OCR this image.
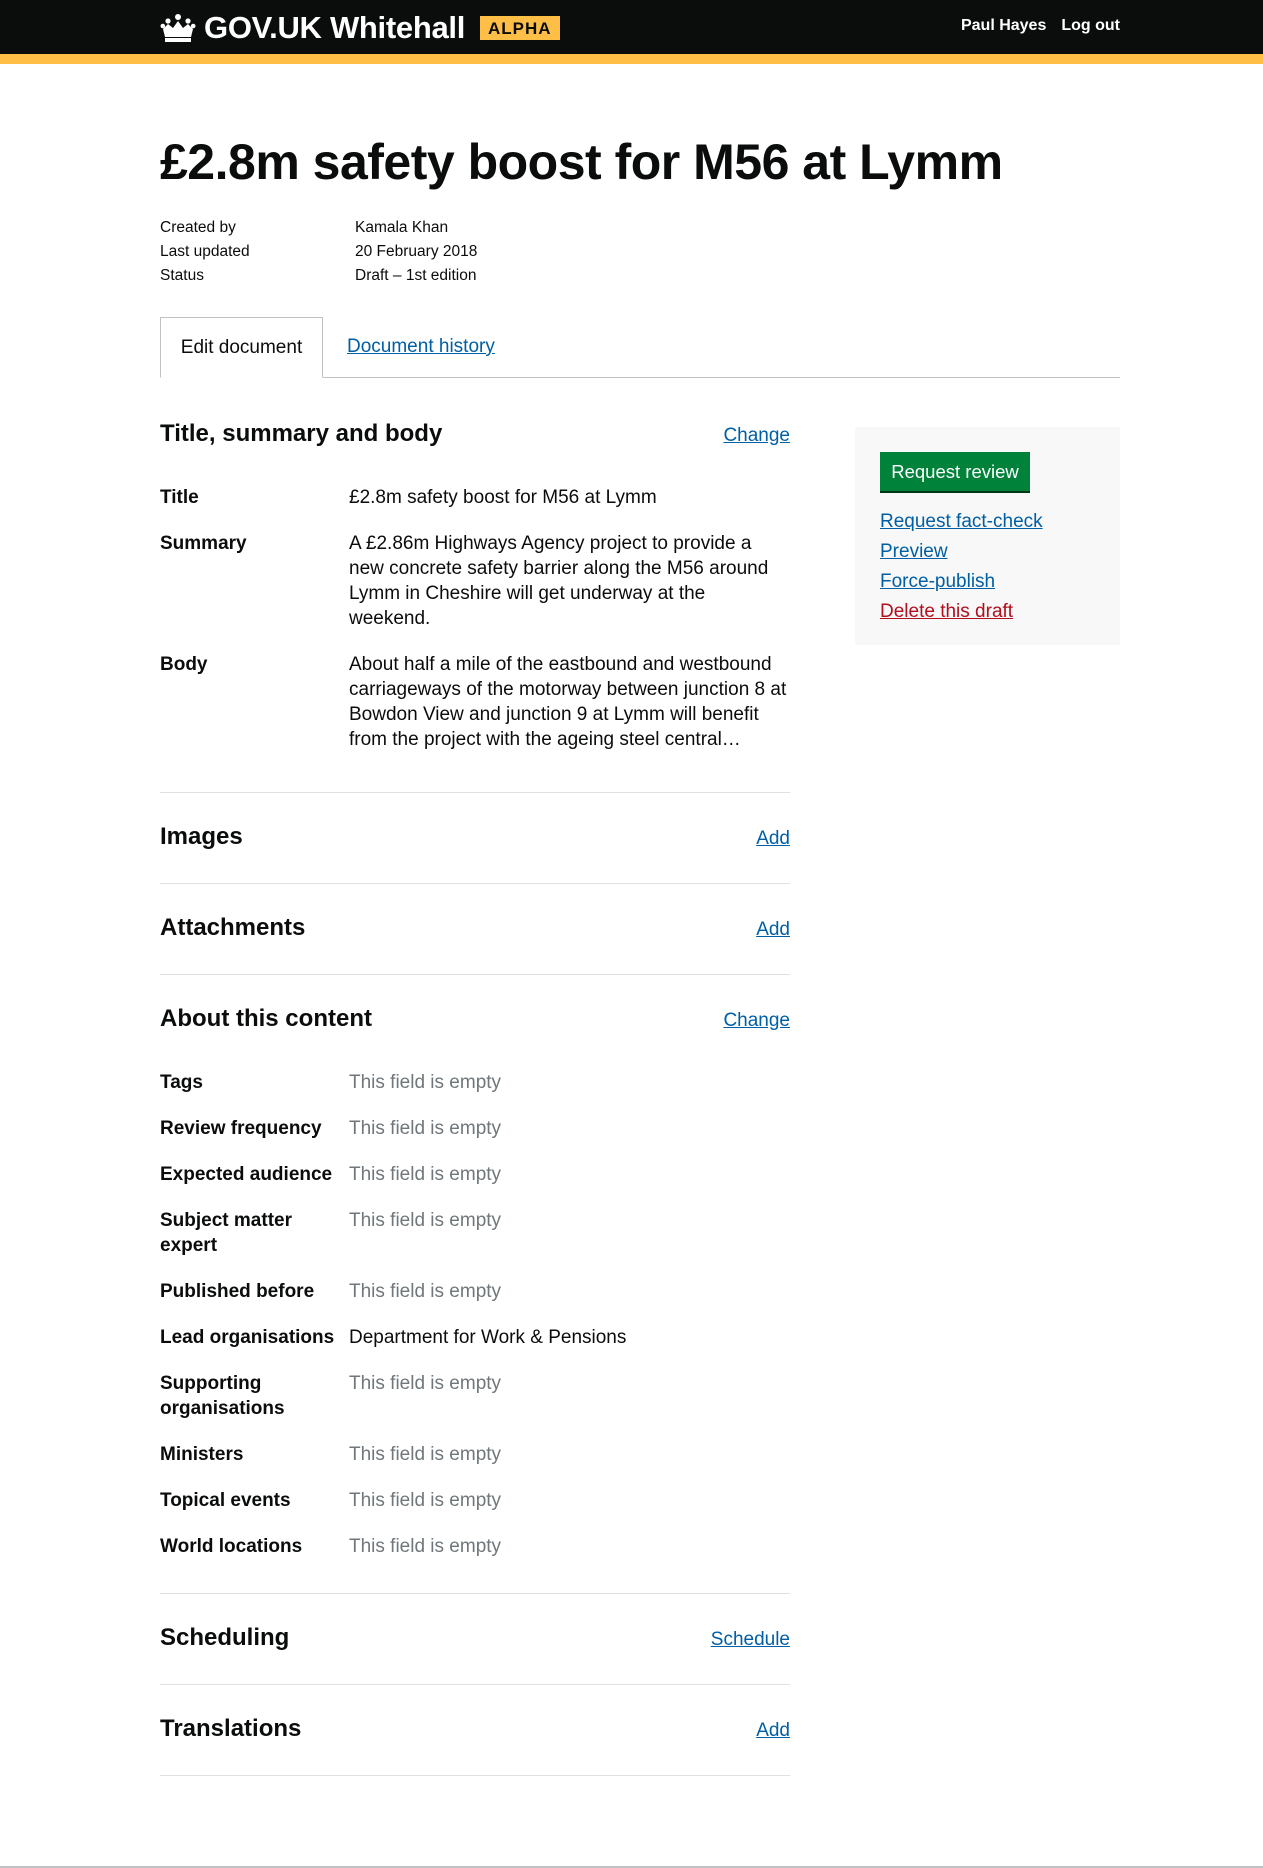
GOV.UK Whitehall	ALPHA	Paul Hayes Log out
£2.8m safety boost for M56 at Lymm
Created by	Kamala Khan
Last updated	20 February 2018
Status	Draft – 1st edition
Edit document	Document history
Title, summary and body	Change
Title	£2.8m safety boost for M56 at Lymm
Summary	A £2.86m Highways Agency project to provide a new concrete safety barrier along the M56 around Lymm in Cheshire will get underway at the weekend.
Body	About half a mile of the eastbound and westbound carriageways of the motorway between junction 8 at Bowdon View and junction 9 at Lymm will benefit from the project with the ageing steel central…
Images	Add
Attachments	Add
About this content	Change
Tags	This field is empty
Review frequency	This field is empty
Expected audience This field is empty
Subject matter expert
This field is empty
Published before	This field is empty
Lead organisations Department for Work & Pensions
Supporting organisations
This field is empty
Ministers	This field is empty
Topical events	This field is empty
World locations	This field is empty
Scheduling	Schedule
Translations	Add
Request review
Request fact-check
Preview
Force-publish
Delete this draft
